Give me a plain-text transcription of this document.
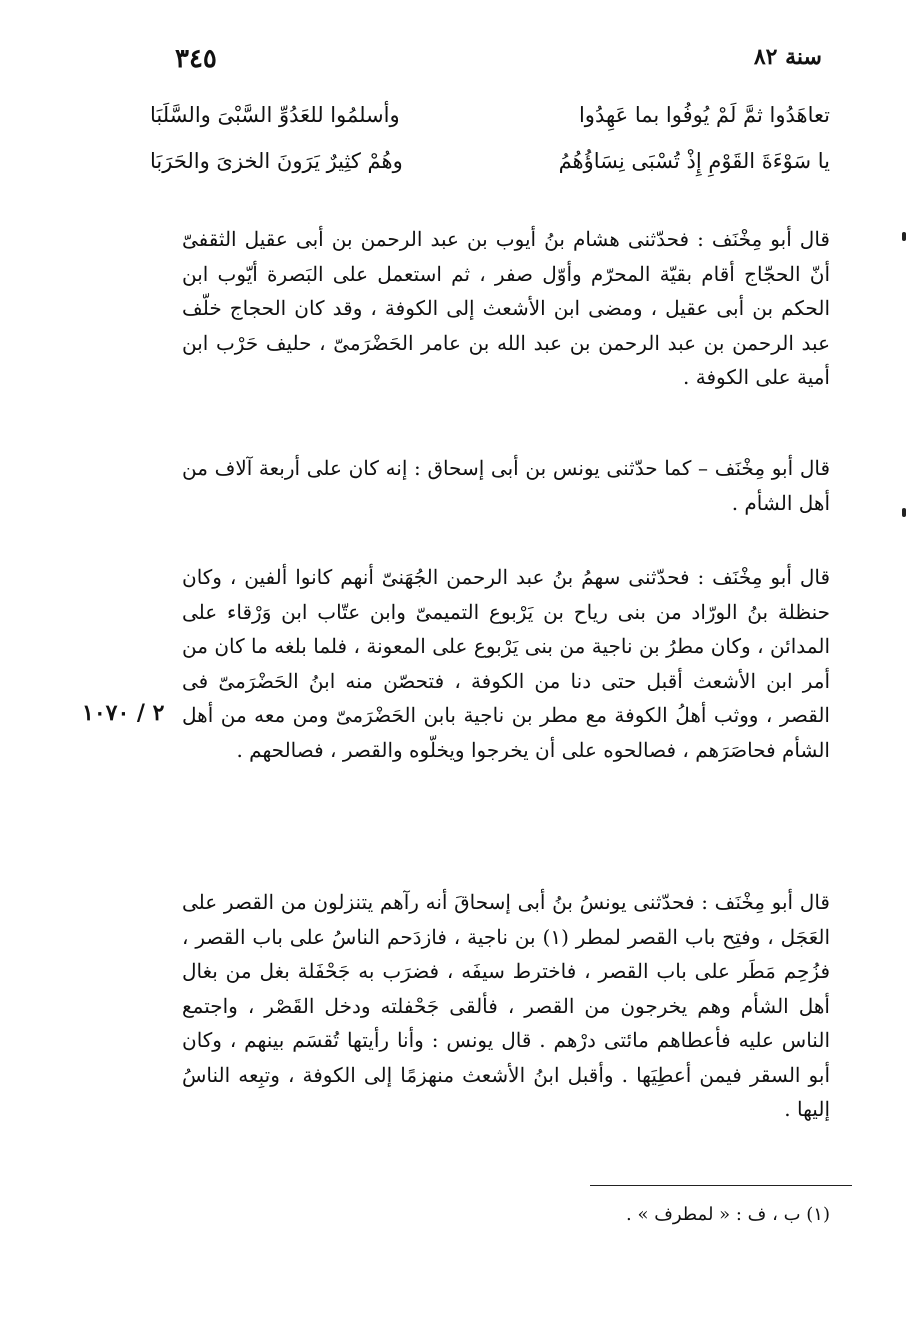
سنة ٨٢
٣٤٥
تعاهَدُوا ثمَّ لَمْ يُوفُوا بما عَهِدُوا
وأسلمُوا للعَدُوِّ السَّبْىَ والسَّلَبَا
يا سَوْءَةَ القَوْمِ إِذْ تُسْبَى نِسَاؤُهُمُ
وهُمْ كثِيرٌ يَرَونَ الخزىَ والحَرَبَا

قال أبو مِخْنَف : فحدّثنى هشام بنُ أيوب بن عبد الرحمن بن أبى عقيل الثقفىّ أنّ الحجّاج أقام بقيّة المحرّم وأوّل صفر ، ثم استعمل على البَصرة أيّوب ابن الحكم بن أبى عقيل ، ومضى ابن الأشعث إلى الكوفة ، وقد كان الحجاج خلّف عبد الرحمن بن عبد الرحمن بن عبد الله بن عامر الحَضْرَمىّ ، حليف حَرْب ابن أمية على الكوفة .

قال أبو مِخْنَف – كما حدّثنى يونس بن أبى إسحاق : إنه كان على أربعة آلاف من أهل الشأم .

قال أبو مِخْنَف : فحدّثنى سهمُ بنُ عبد الرحمن الجُهَنىّ أنهم كانوا ألفين ، وكان حنظلة بنُ الورّاد من بنى رياح بن يَرْبوع التميمىّ وابن عتّاب ابن وَرْقاء على المدائن ، وكان مطرُ بن ناجية من بنى يَرْبوع على المعونة ، فلما بلغه ما كان من أمر ابن الأشعث أقبل حتى دنا من الكوفة ، فتحصّن منه ابنُ الحَضْرَمىّ فى القصر ، ووثب أهلُ الكوفة مع مطر بن ناجية بابن الحَضْرَمىّ ومن معه من أهل الشأم فحاصَرَهم ، فصالحوه على أن يخرجوا ويخلّوه والقصر ، فصالحهم .

قال أبو مِخْنَف : فحدّثنى يونسُ بنُ أبى إسحاقَ أنه رآهم يتنزلون من القصر على العَجَل ، وفتِح باب القصر لمطر (١) بن ناجية ، فازدَحم الناسُ على باب القصر ، فزُحِم مَطَر على باب القصر ، فاخترط سيفَه ، فضرَب به جَحْفَلة بغل من بغال أهل الشأم وهم يخرجون من القصر ، فألقى جَحْفلته ودخل القَصْر ، واجتمع الناس عليه فأعطاهم مائتى درْهم . قال يونس : وأنا رأيتها تُقسَم بينهم ، وكان أبو السقر فيمن أعطِيَها . وأقبل ابنُ الأشعث منهزمًا إلى الكوفة ، وتبِعه الناسُ إليها .

٢ / ١٠٧٠
(١) ب ، ف : « لمطرف » .
